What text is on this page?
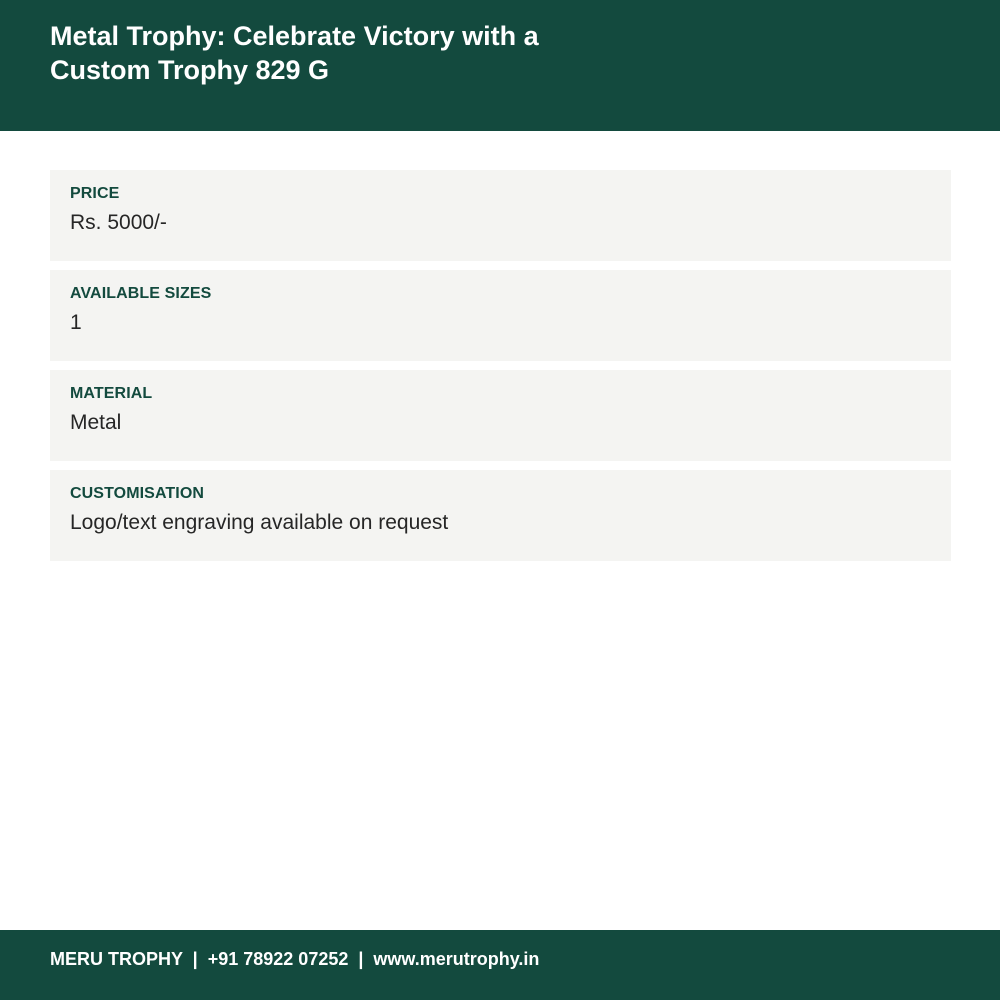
Metal Trophy: Celebrate Victory with a Custom Trophy 829 G
PRICE
Rs. 5000/-
AVAILABLE SIZES
1
MATERIAL
Metal
CUSTOMISATION
Logo/text engraving available on request
MERU TROPHY  |  +91 78922 07252  |  www.merutrophy.in
